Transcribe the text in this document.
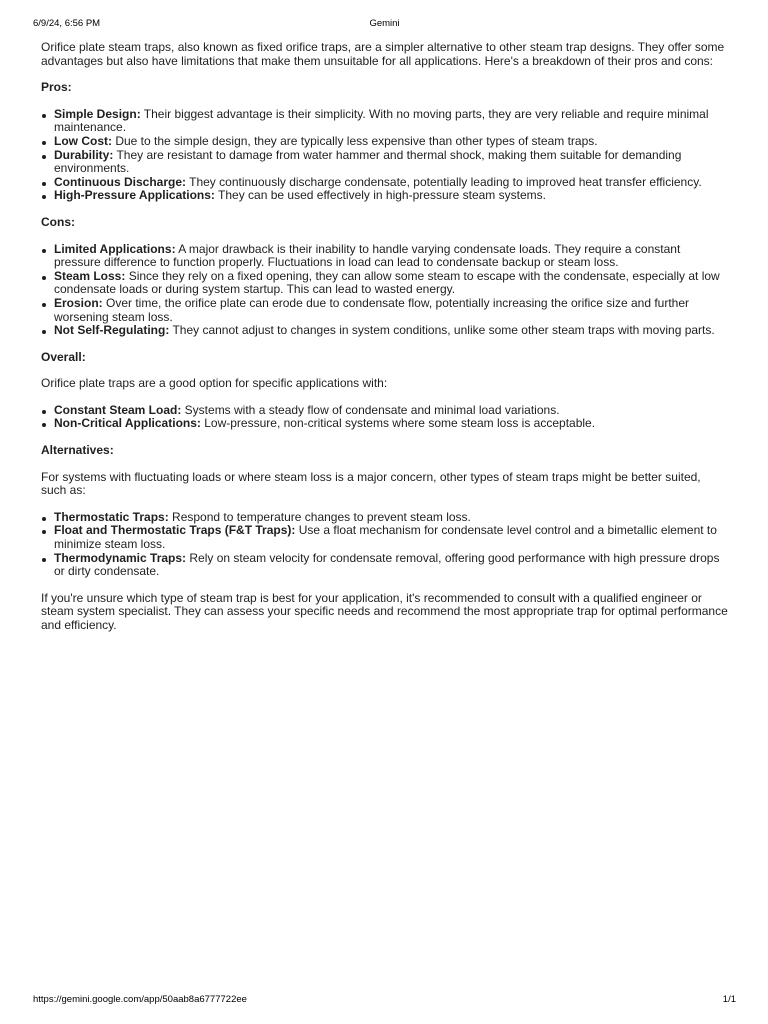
6/9/24, 6:56 PM	Gemini

Orifice plate steam traps, also known as fixed orifice traps, are a simpler alternative to other steam trap designs. They offer some advantages but also have limitations that make them unsuitable for all applications. Here's a breakdown of their pros and cons:

Pros:

Simple Design: Their biggest advantage is their simplicity. With no moving parts, they are very reliable and require minimal maintenance.
Low Cost: Due to the simple design, they are typically less expensive than other types of steam traps.
Durability: They are resistant to damage from water hammer and thermal shock, making them suitable for demanding environments.
Continuous Discharge: They continuously discharge condensate, potentially leading to improved heat transfer efficiency.
High-Pressure Applications: They can be used effectively in high-pressure steam systems.

Cons:

Limited Applications: A major drawback is their inability to handle varying condensate loads. They require a constant pressure difference to function properly. Fluctuations in load can lead to condensate backup or steam loss.
Steam Loss: Since they rely on a fixed opening, they can allow some steam to escape with the condensate, especially at low condensate loads or during system startup. This can lead to wasted energy.
Erosion: Over time, the orifice plate can erode due to condensate flow, potentially increasing the orifice size and further worsening steam loss.
Not Self-Regulating: They cannot adjust to changes in system conditions, unlike some other steam traps with moving parts.

Overall:

Orifice plate traps are a good option for specific applications with:

Constant Steam Load: Systems with a steady flow of condensate and minimal load variations.
Non-Critical Applications: Low-pressure, non-critical systems where some steam loss is acceptable.

Alternatives:

For systems with fluctuating loads or where steam loss is a major concern, other types of steam traps might be better suited, such as:

Thermostatic Traps: Respond to temperature changes to prevent steam loss.
Float and Thermostatic Traps (F&T Traps): Use a float mechanism for condensate level control and a bimetallic element to minimize steam loss.
Thermodynamic Traps: Rely on steam velocity for condensate removal, offering good performance with high pressure drops or dirty condensate.

If you're unsure which type of steam trap is best for your application, it's recommended to consult with a qualified engineer or steam system specialist. They can assess your specific needs and recommend the most appropriate trap for optimal performance and efficiency.

https://gemini.google.com/app/50aab8a6777722ee	1/1
